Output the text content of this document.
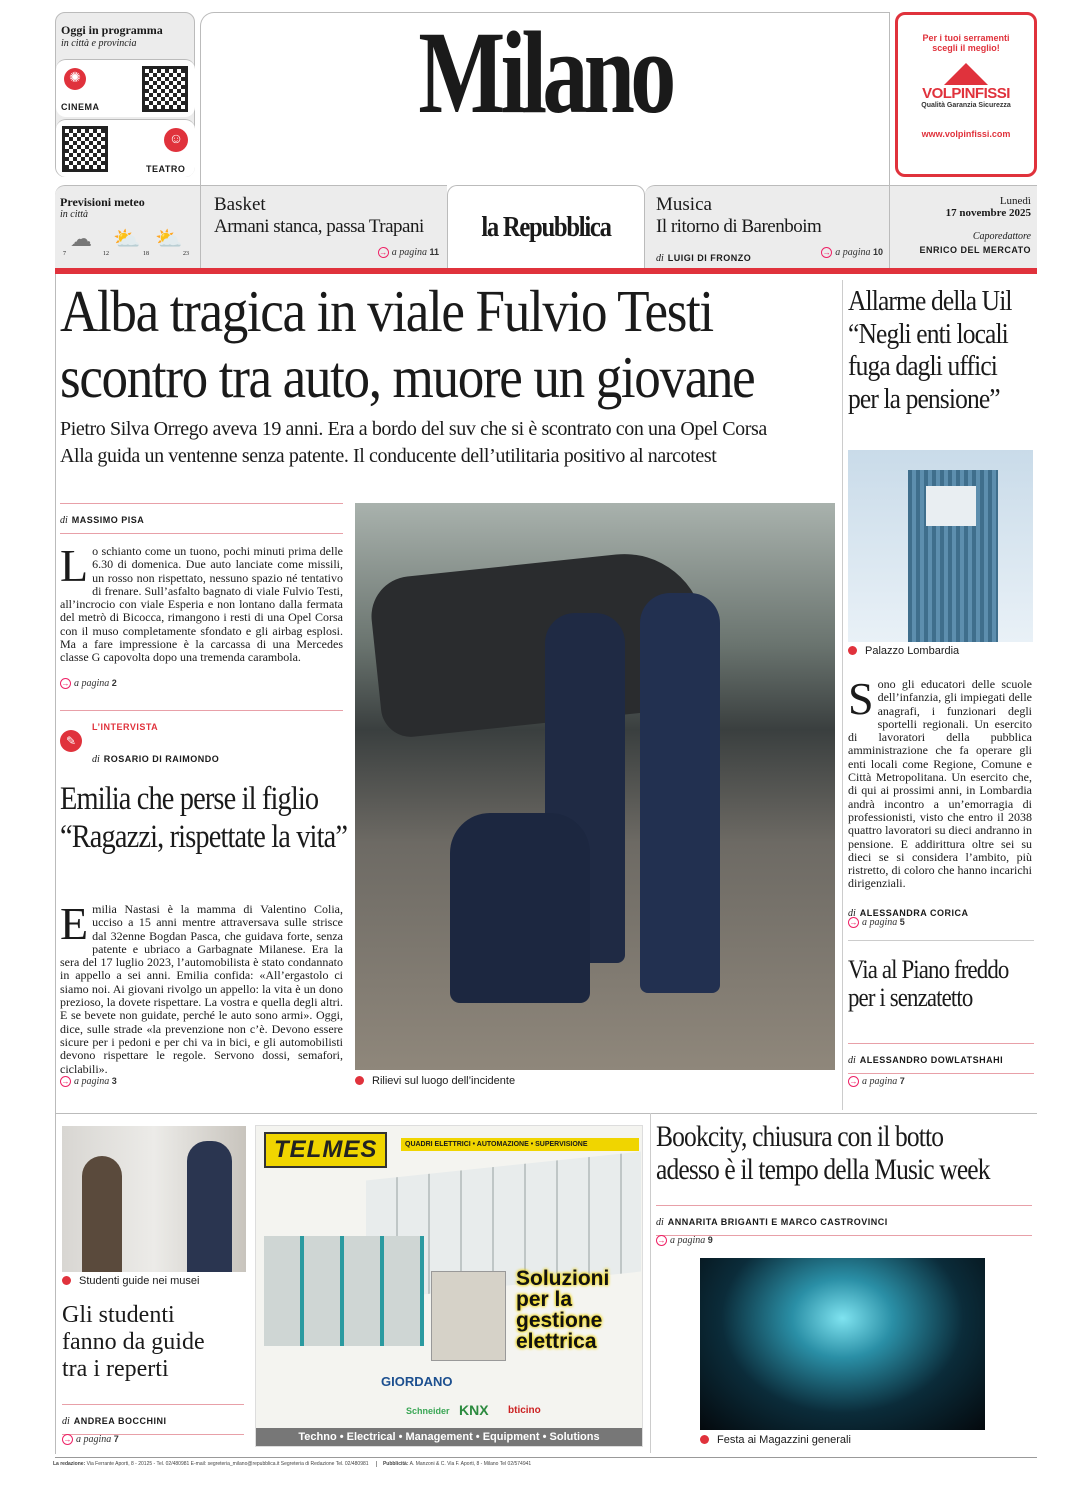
Oggi in programma
in città e provincia
✺
CINEMA
☺
TEATRO
Milano	Per i tuoi serramenti
scegli il meglio!
VOLPINFISSI
Qualità Garanzia Sicurezza
www.volpinfissi.com
Previsioni meteo
in città
☁ ⛅ ⛅
7	12	18	23
Basket
Armani stanca, passa Trapani
→ a pagina 11
la Repubblica
Musica
Il ritorno di Barenboim
di LUIGI DI FRONZO
→ a pagina 10
Lunedì
17 novembre 2025
Caporedattore
ENRICO DEL MERCATO
Alba tragica in viale Fulvio Testi
scontro tra auto, muore un giovane
Pietro Silva Orrego aveva 19 anni. Era a bordo del suv che si è scontrato con una Opel Corsa
Alla guida un ventenne senza patente. Il conducente dell’utilitaria positivo al narcotest
di MASSIMO PISA
Lo schianto come un tuono, pochi minuti prima delle 6.30 di domenica. Due auto lanciate come missili, un rosso non rispettato, nessuno spazio né tentativo di frenare. Sull’asfalto bagnato di viale Fulvio Testi, all’incrocio con viale Esperia e non lontano dalla fermata del metrò di Bicocca, rimangono i resti di una Opel Corsa con il muso completamente sfondato e gli airbag esplosi. Ma a fare impressione è la carcassa di una Mercedes classe G capovolta dopo una tremenda carambola.
→ a pagina 2
✎
L’INTERVISTA
di ROSARIO DI RAIMONDO
Emilia che perse il figlio
“Ragazzi, rispettate la vita”
Emilia Nastasi è la mamma di Valentino Colia, ucciso a 15 anni mentre attraversava sulle strisce dal 32enne Bogdan Pasca, che guidava forte, senza patente e ubriaco a Garbagnate Milanese. Era la sera del 17 luglio 2023, l’automobilista è stato condannato in appello a sei anni. Emilia confida: «All’ergastolo ci siamo noi. Ai giovani rivolgo un appello: la vita è un dono prezioso, la dovete rispettare. La vostra e quella degli altri. E se bevete non guidate, perché le auto sono armi». Oggi, dice, sulle strade «la prevenzione non c’è. Devono essere sicure per i pedoni e per chi va in bici, e gli automobilisti devono rispettare le regole. Servono dossi, semafori, ciclabili».
→ a pagina 3	Rilievi sul luogo dell’incidente
Allarme della Uil
“Negli enti locali
fuga dagli uffici
per la pensione”
Palazzo Lombardia
Sono gli educatori delle scuole dell’infanzia, gli impiegati delle anagrafi, i funzionari degli sportelli regionali. Un esercito di lavoratori della pubblica amministrazione che fa operare gli enti locali come Regione, Comune e Città Metropolitana. Un esercito che, di qui ai prossimi anni, in Lombardia andrà incontro a un’emorragia di professionisti, visto che entro il 2038 quattro lavoratori su dieci andranno in pensione. E addirittura oltre sei su dieci se si considera l’ambito, più ristretto, di coloro che hanno incarichi dirigenziali.
di ALESSANDRA CORICA
→ a pagina 5
Via al Piano freddo
per i senzatetto
di ALESSANDRO DOWLATSHAHI
→ a pagina 7
Studenti guide nei musei
Gli studenti
fanno da guide
tra i reperti
di ANDREA BOCCHINI
→ a pagina 7
TELMES	QUADRI ELETTRICI • AUTOMAZIONE • SUPERVISIONE
Soluzioni
per la
gestione
elettrica
GIORDANO
Schneider KNX bticino
Techno • Electrical • Management • Equipment • Solutions
Bookcity, chiusura con il botto
adesso è il tempo della Music week
di ANNARITA BRIGANTI E MARCO CASTROVINCI
→ a pagina 9
Festa ai Magazzini generali
La redazione: Via Ferrante Aporti, 8 - 20125 - Tel. 02/480981 E-mail: segreteria_milano@repubblica.it Segreteria di Redazione Tel. 02/480981	Pubblicità: A. Manzoni & C. Via F. Aporti, 8 - Milano Tel 02/574941
